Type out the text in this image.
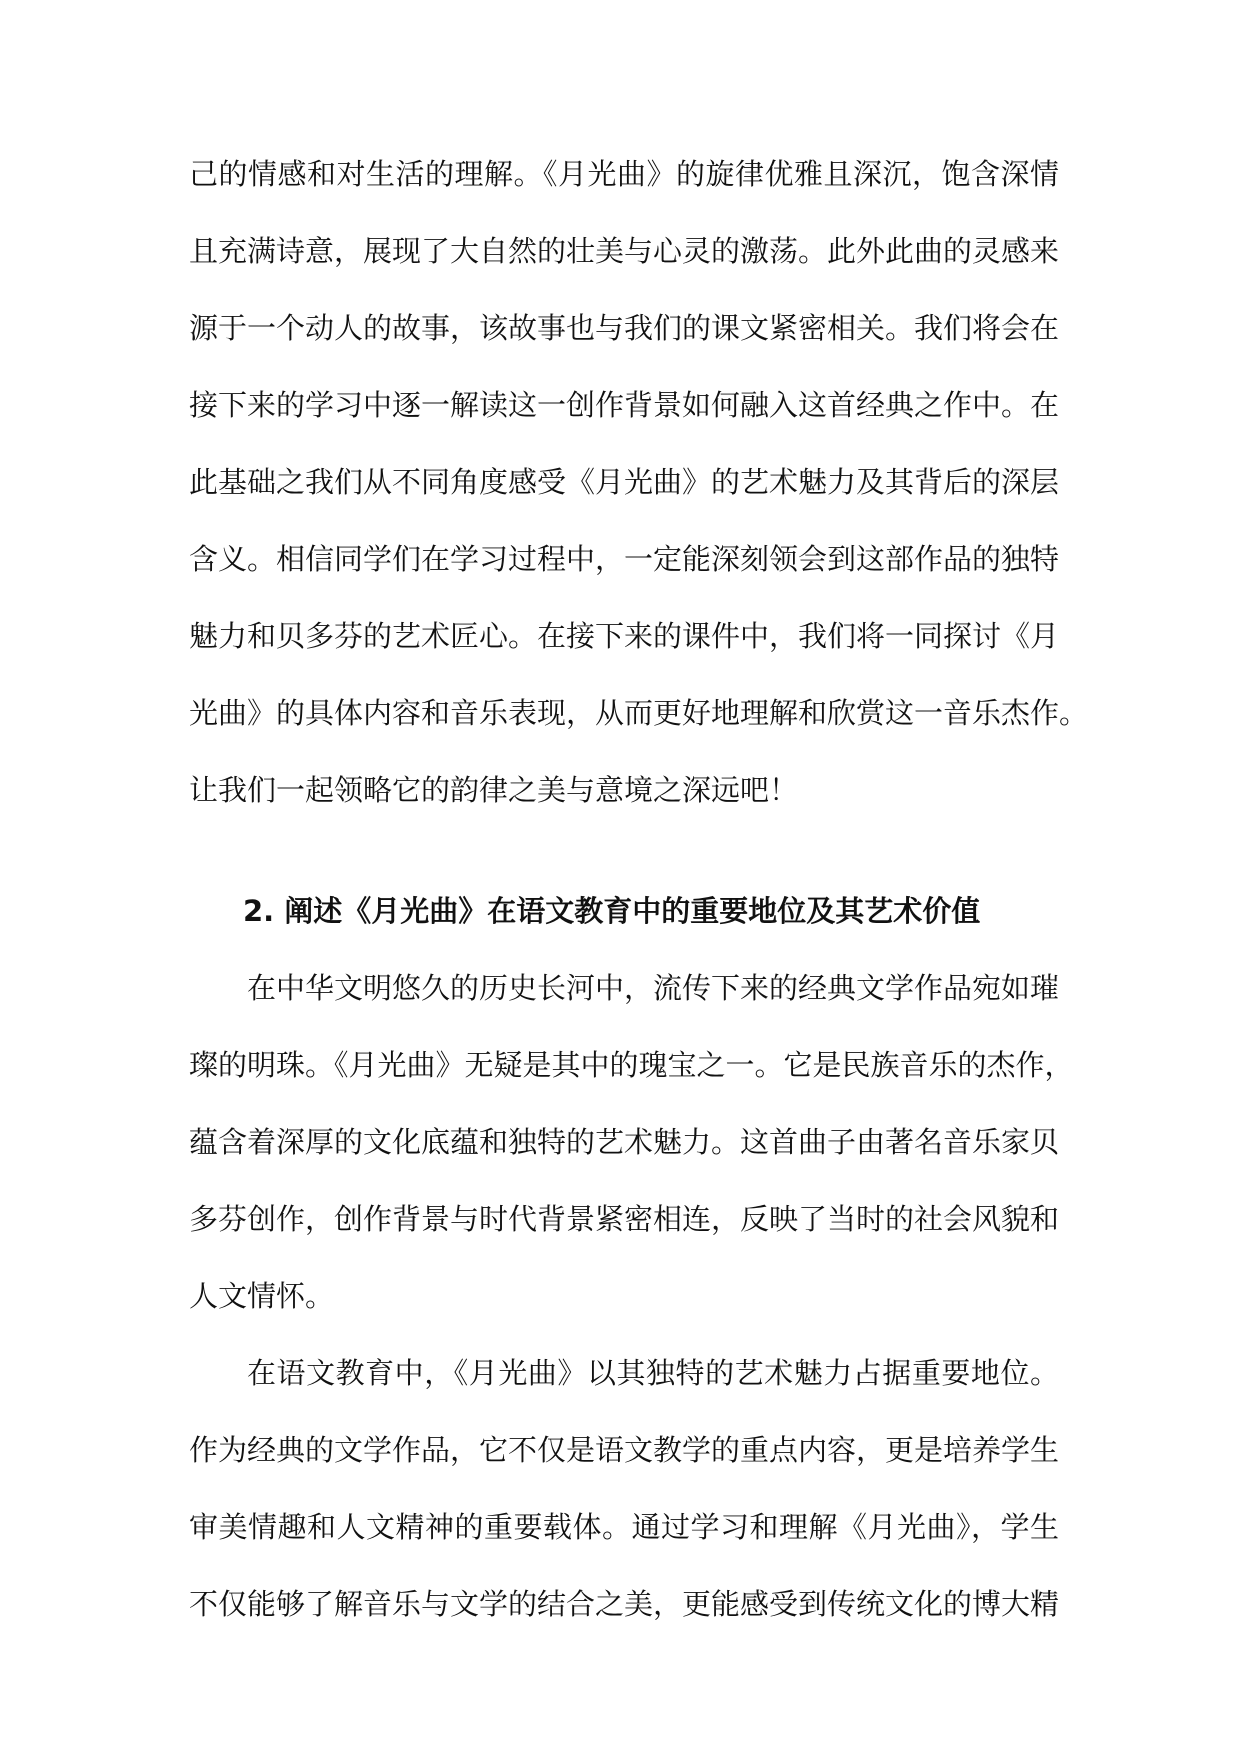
己的情感和对生活的理解。《月光曲》的旋律优雅且深沉，饱含深情
且充满诗意，展现了大自然的壮美与心灵的激荡。此外此曲的灵感来
源于一个动人的故事，该故事也与我们的课文紧密相关。我们将会在
接下来的学习中逐一解读这一创作背景如何融入这首经典之作中。在
此基础之我们从不同角度感受《月光曲》的艺术魅力及其背后的深层
含义。相信同学们在学习过程中，一定能深刻领会到这部作品的独特
魅力和贝多芬的艺术匠心。在接下来的课件中，我们将一同探讨《月
光曲》的具体内容和音乐表现，从而更好地理解和欣赏这一音乐杰作。
让我们一起领略它的韵律之美与意境之深远吧！
2. 阐述《月光曲》在语文教育中的重要地位及其艺术价值
在中华文明悠久的历史长河中，流传下来的经典文学作品宛如璀
璨的明珠。《月光曲》无疑是其中的瑰宝之一。它是民族音乐的杰作，
蕴含着深厚的文化底蕴和独特的艺术魅力。这首曲子由著名音乐家贝
多芬创作，创作背景与时代背景紧密相连，反映了当时的社会风貌和
人文情怀。
在语文教育中，《月光曲》以其独特的艺术魅力占据重要地位。
作为经典的文学作品，它不仅是语文教学的重点内容，更是培养学生
审美情趣和人文精神的重要载体。通过学习和理解《月光曲》，学生
不仅能够了解音乐与文学的结合之美，更能感受到传统文化的博大精
